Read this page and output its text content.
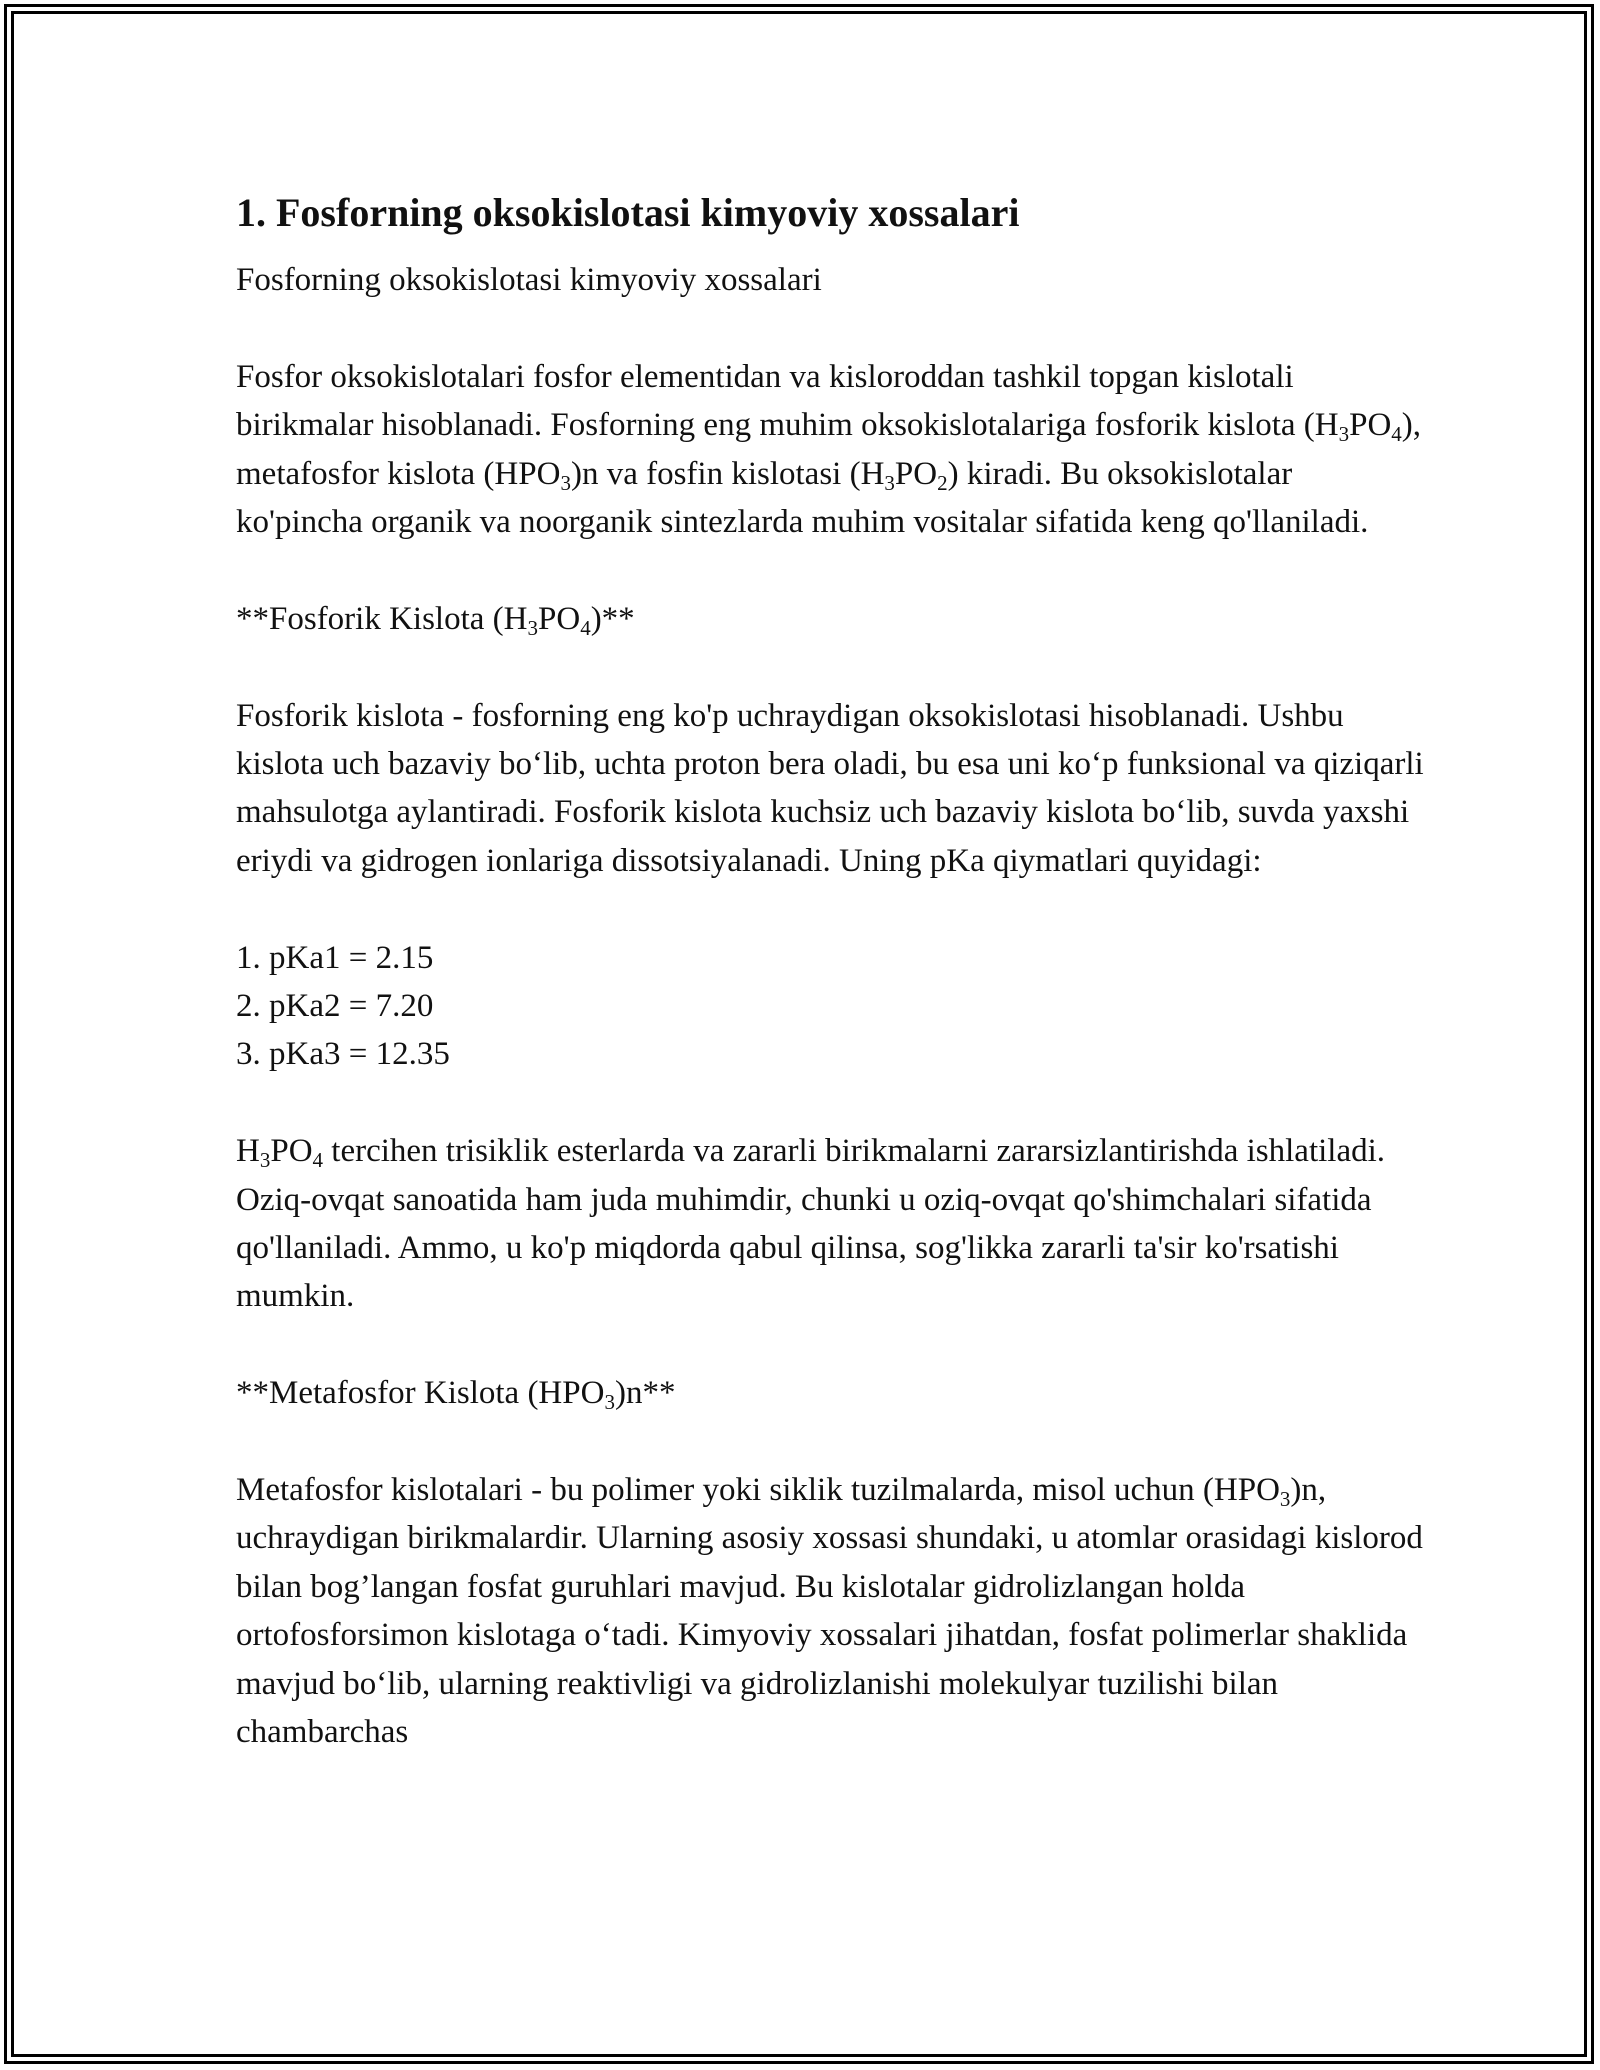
1. Fosforning oksokislotasi kimyoviy xossalari

Fosforning oksokislotasi kimyoviy xossalari

Fosfor oksokislotalari fosfor elementidan va kisloroddan tashkil topgan kislotali birikmalar hisoblanadi. Fosforning eng muhim oksokislotalariga fosforik kislota $(H_3PO_4)$, metafosfor kislota $(HPO_3)n$ va fosfin kislotasi $(H_3PO_2)$ kiradi. Bu oksokislotalar ko'pincha organik va noorganik sintezlarda muhim vositalar sifatida keng qo'llaniladi.

**Fosforik Kislota $(H_3PO_4)**$

Fosforik kislota - fosforning eng ko'p uchraydigan oksokislotasi hisoblanadi. Ushbu kislota uch bazaviy bo‘lib, uchta proton bera oladi, bu esa uni ko‘p funksional va qiziqarli mahsulotga aylantiradi. Fosforik kislota kuchsiz uch bazaviy kislota bo‘lib, suvda yaxshi eriydi va gidrogen ionlariga dissotsiyalanadi. Uning pKa qiymatlari quyidagi:

1. pKa1 = 2.15
2. pKa2 = 7.20
3. pKa3 = 12.35

$H_3PO_4$ tercihen trisiklik esterlarda va zararli birikmalarni zararsizlantirishda ishlatiladi. Oziq-ovqat sanoatida ham juda muhimdir, chunki u oziq-ovqat qo'shimchalari sifatida qo'llaniladi. Ammo, u ko'p miqdorda qabul qilinsa, sog'likka zararli ta'sir ko'rsatishi mumkin.

**Metafosfor Kislota $(HPO_3)n**$

Metafosfor kislotalari - bu polimer yoki siklik tuzilmalarda, misol uchun $(HPO_3)n$, uchraydigan birikmalardir. Ularning asosiy xossasi shundaki, u atomlar orasidagi kislorod bilan bog’langan fosfat guruhlari mavjud. Bu kislotalar gidrolizlangan holda ortofosforsimon kislotaga o‘tadi. Kimyoviy xossalari jihatdan, fosfat polimerlar shaklida mavjud bo‘lib, ularning reaktivligi va gidrolizlanishi molekulyar tuzilishi bilan chambarchas
